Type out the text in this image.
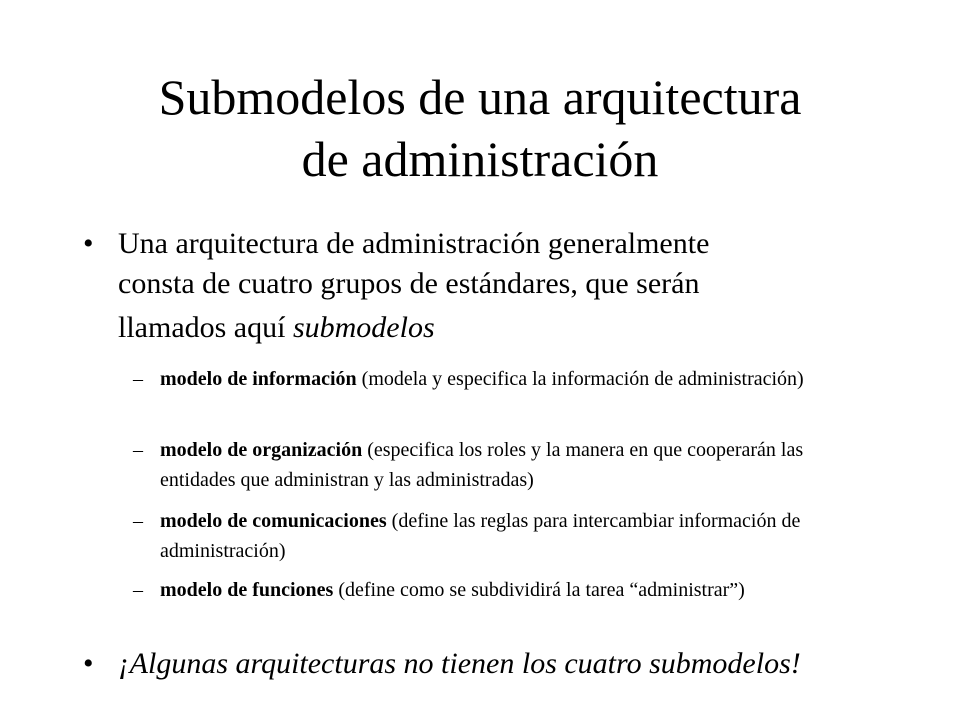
Submodelos de una arquitectura
de administración
• Una arquitectura de administración generalmente
consta de cuatro grupos de estándares, que serán
llamados aquí submodelos
– modelo de información (modela y especifica la información de administración)
– modelo de organización (especifica los roles y la manera en que cooperarán las entidades que administran y las administradas)
– modelo de comunicaciones (define las reglas para intercambiar información de administración)
– modelo de funciones (define como se subdividirá la tarea “administrar”)
• ¡Algunas arquitecturas no tienen los cuatro submodelos!
